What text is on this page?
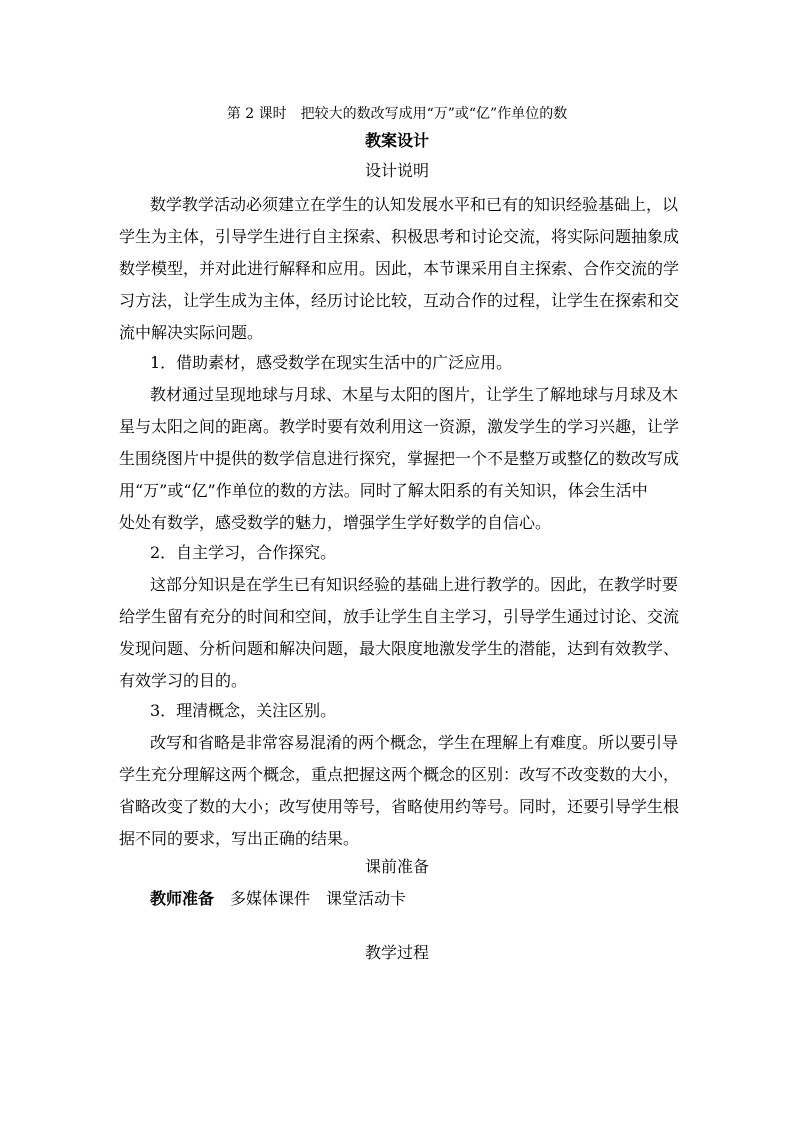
第 2 课时　把较大的数改写成用“万”或“亿”作单位的数
教案设计
设计说明
数学教学活动必须建立在学生的认知发展水平和已有的知识经验基础上，以
学生为主体，引导学生进行自主探索、积极思考和讨论交流，将实际问题抽象成
数学模型，并对此进行解释和应用。因此，本节课采用自主探索、合作交流的学
习方法，让学生成为主体，经历讨论比较，互动合作的过程，让学生在探索和交
流中解决实际问题。
1．借助素材，感受数学在现实生活中的广泛应用。
教材通过呈现地球与月球、木星与太阳的图片，让学生了解地球与月球及木
星与太阳之间的距离。教学时要有效利用这一资源，激发学生的学习兴趣，让学
生围绕图片中提供的数学信息进行探究，掌握把一个不是整万或整亿的数改写成
用“万”或“亿”作单位的数的方法。同时了解太阳系的有关知识，体会生活中
处处有数学，感受数学的魅力，增强学生学好数学的自信心。
2．自主学习，合作探究。
这部分知识是在学生已有知识经验的基础上进行教学的。因此，在教学时要
给学生留有充分的时间和空间，放手让学生自主学习，引导学生通过讨论、交流
发现问题、分析问题和解决问题，最大限度地激发学生的潜能，达到有效教学、
有效学习的目的。
3．理清概念，关注区别。
改写和省略是非常容易混淆的两个概念，学生在理解上有难度。所以要引导
学生充分理解这两个概念，重点把握这两个概念的区别：改写不改变数的大小，
省略改变了数的大小；改写使用等号，省略使用约等号。同时，还要引导学生根
据不同的要求，写出正确的结果。
课前准备
教师准备　多媒体课件　课堂活动卡
教学过程
